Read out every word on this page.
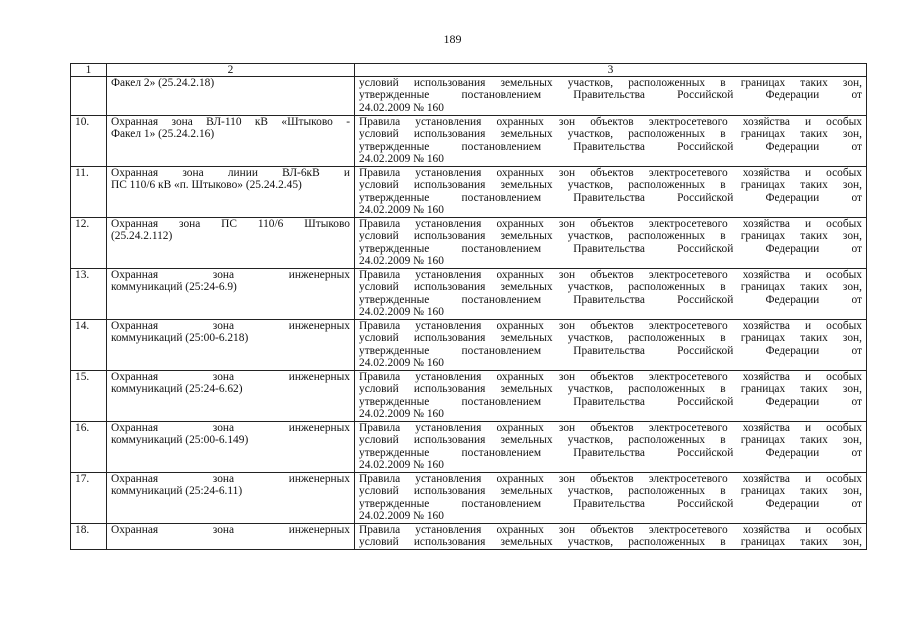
189
1	2	3

	Факел 2» (25.24.2.18)	условий использования земельных участков, расположенных в границах таких зон,
утвержденные постановлением Правительства Российской Федерации от
24.02.2009 № 160

10.	Охранная зона ВЛ-110 кВ «Штыково -
Факел 1» (25.24.2.16)	Правила установления охранных зон объектов электросетевого хозяйства и особых
условий использования земельных участков, расположенных в границах таких зон,
утвержденные постановлением Правительства Российской Федерации от
24.02.2009 № 160

11.	Охранная зона линии ВЛ-6кВ и
ПС 110/6 кВ «п. Штыково» (25.24.2.45)	Правила установления охранных зон объектов электросетевого хозяйства и особых
условий использования земельных участков, расположенных в границах таких зон,
утвержденные постановлением Правительства Российской Федерации от
24.02.2009 № 160

12.	Охранная зона ПС 110/6 Штыково
(25.24.2.112)	Правила установления охранных зон объектов электросетевого хозяйства и особых
условий использования земельных участков, расположенных в границах таких зон,
утвержденные постановлением Правительства Российской Федерации от
24.02.2009 № 160

13.	Охранная зона инженерных
коммуникаций (25:24-6.9)	Правила установления охранных зон объектов электросетевого хозяйства и особых
условий использования земельных участков, расположенных в границах таких зон,
утвержденные постановлением Правительства Российской Федерации от
24.02.2009 № 160

14.	Охранная зона инженерных
коммуникаций (25:00-6.218)	Правила установления охранных зон объектов электросетевого хозяйства и особых
условий использования земельных участков, расположенных в границах таких зон,
утвержденные постановлением Правительства Российской Федерации от
24.02.2009 № 160

15.	Охранная зона инженерных
коммуникаций (25:24-6.62)	Правила установления охранных зон объектов электросетевого хозяйства и особых
условий использования земельных участков, расположенных в границах таких зон,
утвержденные постановлением Правительства Российской Федерации от
24.02.2009 № 160

16.	Охранная зона инженерных
коммуникаций (25:00-6.149)	Правила установления охранных зон объектов электросетевого хозяйства и особых
условий использования земельных участков, расположенных в границах таких зон,
утвержденные постановлением Правительства Российской Федерации от
24.02.2009 № 160

17.	Охранная зона инженерных
коммуникаций (25:24-6.11)	Правила установления охранных зон объектов электросетевого хозяйства и особых
условий использования земельных участков, расположенных в границах таких зон,
утвержденные постановлением Правительства Российской Федерации от
24.02.2009 № 160

18.	Охранная зона инженерных	Правила установления охранных зон объектов электросетевого хозяйства и особых
условий использования земельных участков, расположенных в границах таких зон,
